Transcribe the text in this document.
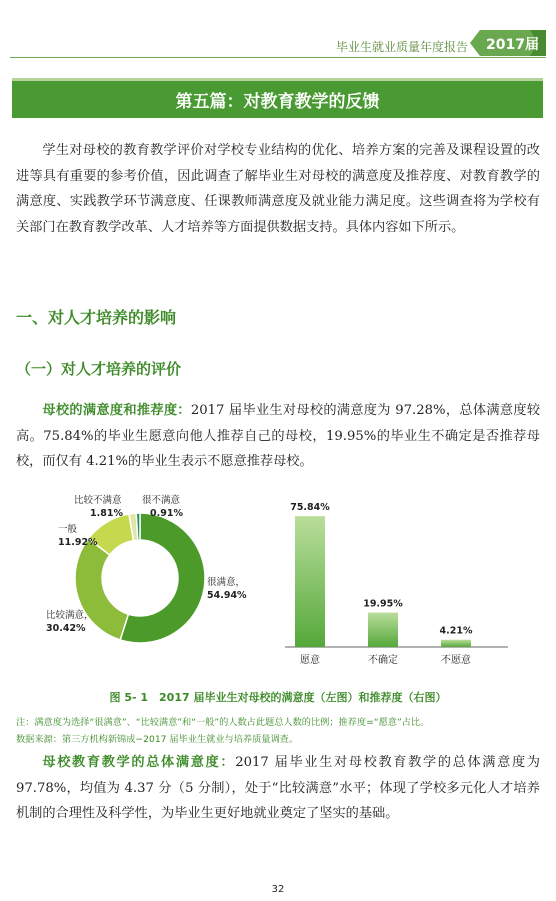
毕业生就业质量年度报告 2017届
第五篇：对教育教学的反馈
学生对母校的教育教学评价对学校专业结构的优化、培养方案的完善及课程设置的改进等具有重要的参考价值，因此调查了解毕业生对母校的满意度及推荐度、对教育教学的满意度、实践教学环节满意度、任课教师满意度及就业能力满足度。这些调查将为学校有关部门在教育教学改革、人才培养等方面提供数据支持。具体内容如下所示。
一、对人才培养的影响
（一）对人才培养的评价
母校的满意度和推荐度：2017 届毕业生对母校的满意度为 97.28%，总体满意度较高。75.84%的毕业生愿意向他人推荐自己的母校，19.95%的毕业生不确定是否推荐母校，而仅有 4.21%的毕业生表示不愿意推荐母校。
很满意，
54.94%
比较满意，
30.42%
一般
11.92%
比较不满意
1.81%
很不满意
0.91%
75.84%
愿意
19.95%
不确定
4.21%
不愿意
图 5- 1　2017 届毕业生对母校的满意度（左图）和推荐度（右图）
注：满意度为选择“很满意”、“比较满意”和“一般”的人数占此题总人数的比例；推荐度=“愿意”占比。
数据来源：第三方机构新锦成−2017 届毕业生就业与培养质量调查。
母校教育教学的总体满意度：2017 届毕业生对母校教育教学的总体满意度为 97.78%，均值为 4.37 分（5 分制），处于“比较满意”水平；体现了学校多元化人才培养机制的合理性及科学性，为毕业生更好地就业奠定了坚实的基础。
32
